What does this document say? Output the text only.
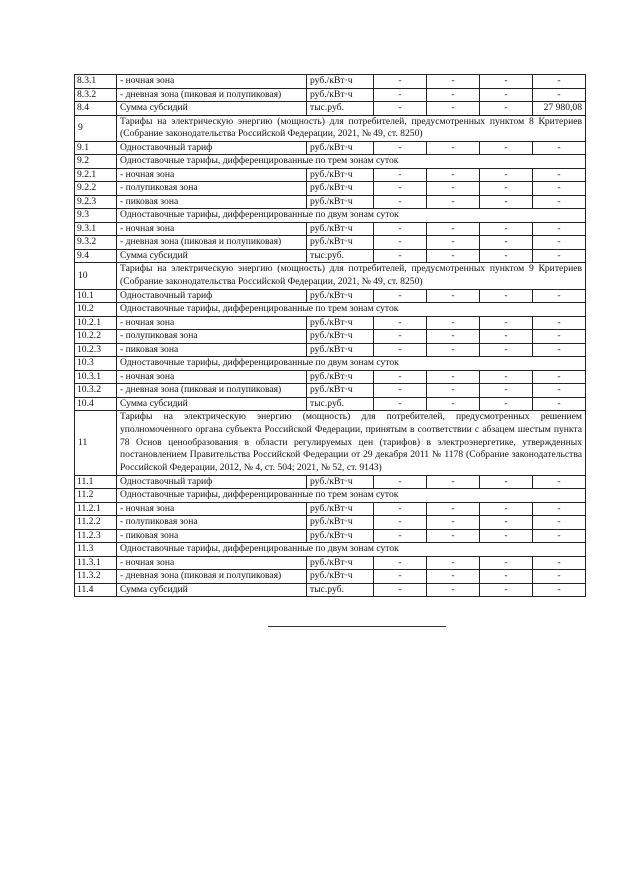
8.3.1	- ночная зона	руб./кВт·ч	-	-	-	-
8.3.2	- дневная зона (пиковая и полупиковая)	руб./кВт·ч	-	-	-	-
8.4	Сумма субсидий	тыс.руб.	-	-	-	27 980,08
9	Тарифы на электрическую энергию (мощность) для потребителей, предусмотренных пунктом 8 Критериев (Собрание законодательства Российской Федерации, 2021, № 49, ст. 8250)					
9.1	Одноставочный тариф	руб./кВт·ч	-	-	-	-
9.2	Одноставочные тарифы, дифференцированные по трем зонам суток					
9.2.1	- ночная зона	руб./кВт·ч	-	-	-	-
9.2.2	- полупиковая зона	руб./кВт·ч	-	-	-	-
9.2.3	- пиковая зона	руб./кВт·ч	-	-	-	-
9.3	Одноставочные тарифы, дифференцированные по двум зонам суток					
9.3.1	- ночная зона	руб./кВт·ч	-	-	-	-
9.3.2	- дневная зона (пиковая и полупиковая)	руб./кВт·ч	-	-	-	-
9.4	Сумма субсидий	тыс.руб.	-	-	-	-
10	Тарифы на электрическую энергию (мощность) для потребителей, предусмотренных пунктом 9 Критериев (Собрание законодательства Российской Федерации, 2021, № 49, ст. 8250)					
10.1	Одноставочный тариф	руб./кВт·ч	-	-	-	-
10.2	Одноставочные тарифы, дифференцированные по трем зонам суток					
10.2.1	- ночная зона	руб./кВт·ч	-	-	-	-
10.2.2	- полупиковая зона	руб./кВт·ч	-	-	-	-
10.2.3	- пиковая зона	руб./кВт·ч	-	-	-	-
10.3	Одноставочные тарифы, дифференцированные по двум зонам суток					
10.3.1	- ночная зона	руб./кВт·ч	-	-	-	-
10.3.2	- дневная зона (пиковая и полупиковая)	руб./кВт·ч	-	-	-	-
10.4	Сумма субсидий	тыс.руб.	-	-	-	-
11	Тарифы на электрическую энергию (мощность) для потребителей, предусмотренных решением уполномоченного органа субъекта Российской Федерации, принятым в соответствии с абзацем шестым пункта 78 Основ ценообразования в области регулируемых цен (тарифов) в электроэнергетике, утвержденных постановлением Правительства Российской Федерации от 29 декабря 2011 № 1178 (Собрание законодательства Российской Федерации, 2012, № 4, ст. 504; 2021, № 52, ст. 9143)					
11.1	Одноставочный тариф	руб./кВт·ч	-	-	-	-
11.2	Одноставочные тарифы, дифференцированные по трем зонам суток					
11.2.1	- ночная зона	руб./кВт·ч	-	-	-	-
11.2.2	- полупиковая зона	руб./кВт·ч	-	-	-	-
11.2.3	- пиковая зона	руб./кВт·ч	-	-	-	-
11.3	Одноставочные тарифы, дифференцированные по двум зонам суток					
11.3.1	- ночная зона	руб./кВт·ч	-	-	-	-
11.3.2	- дневная зона (пиковая и полупиковая)	руб./кВт·ч	-	-	-	-
11.4	Сумма субсидий	тыс.руб.	-	-	-	-
